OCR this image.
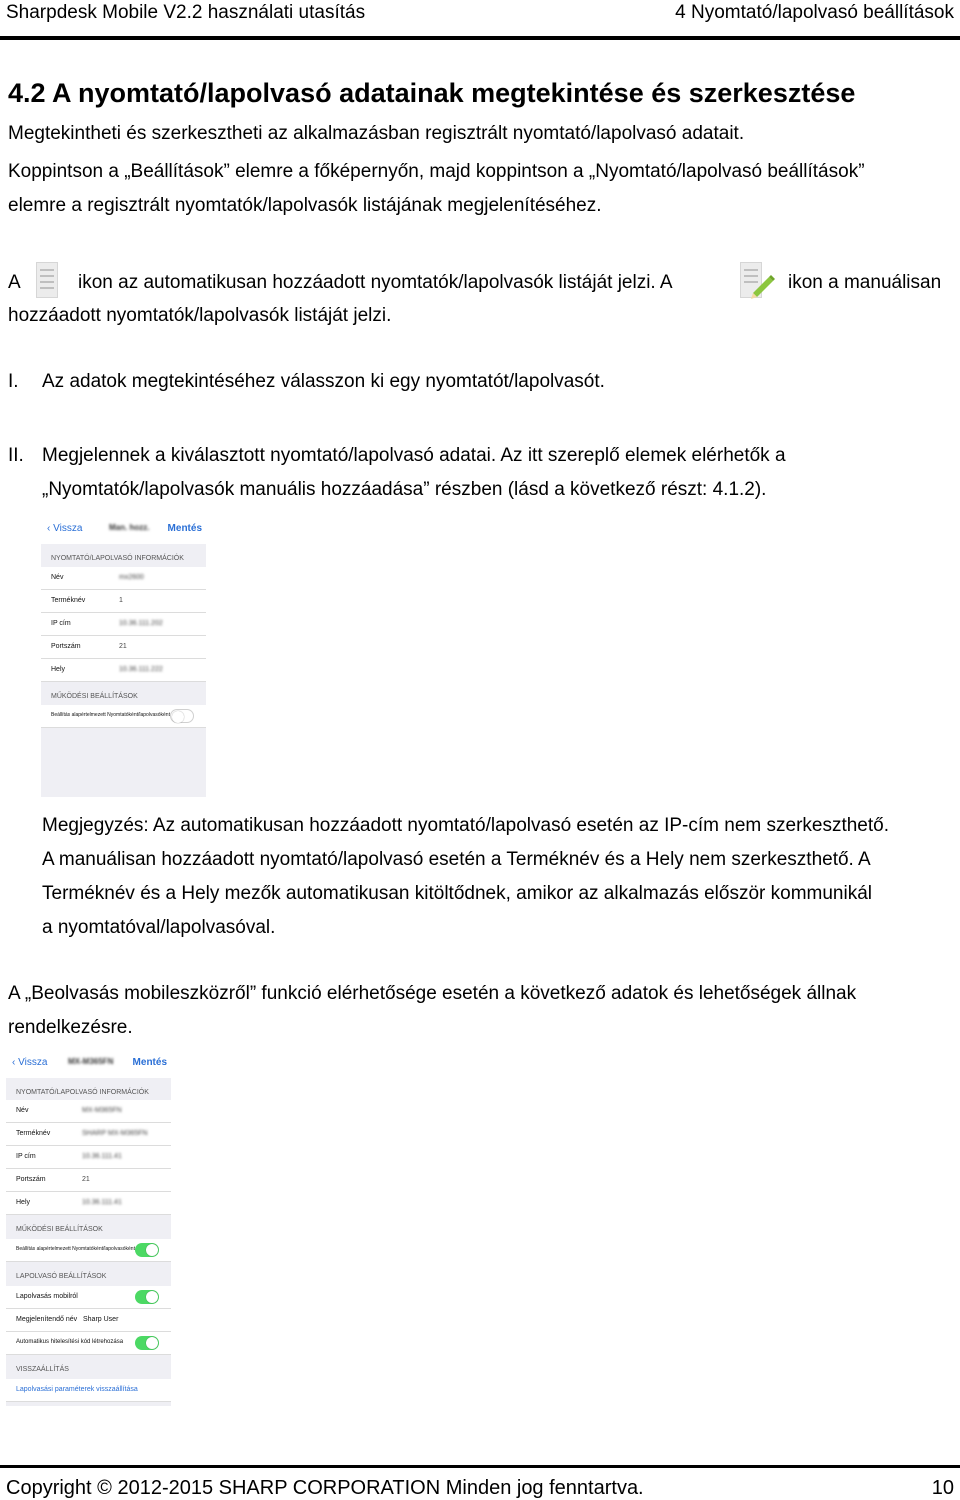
Sharpdesk Mobile V2.2 használati utasítás	4 Nyomtató/lapolvasó beállítások
4.2 A nyomtató/lapolvasó adatainak megtekintése és szerkesztése
Megtekintheti és szerkesztheti az alkalmazásban regisztrált nyomtató/lapolvasó adatait.
Koppintson a „Beállítások” elemre a főképernyőn, majd koppintson a „Nyomtató/lapolvasó beállítások”
elemre a regisztrált nyomtatók/lapolvasók listájának megjelenítéséhez.
A	ikon az automatikusan hozzáadott nyomtatók/lapolvasók listáját jelzi. A	ikon a manuálisan
hozzáadott nyomtatók/lapolvasók listáját jelzi.
I. Az adatok megtekintéséhez válasszon ki egy nyomtatót/lapolvasót.
II. Megjelennek a kiválasztott nyomtató/lapolvasó adatai. Az itt szereplő elemek elérhetők a
„Nyomtatók/lapolvasók manuális hozzáadása” részben (lásd a következő részt: 4.1.2).
‹ Vissza	Man. hozz. Mentés
NYOMTATÓ/LAPOLVASÓ INFORMÁCIÓK
Név	mx2600
Terméknév	1
IP cím	10.36.111.202
Portszám	21
Hely	10.36.111.222
MŰKÖDÉSI BEÁLLÍTÁSOK
Beállítás alapértelmezett Nyomtatóként/lapolvasóként
Megjegyzés: Az automatikusan hozzáadott nyomtató/lapolvasó esetén az IP-cím nem szerkeszthető.
A manuálisan hozzáadott nyomtató/lapolvasó esetén a Terméknév és a Hely nem szerkeszthető. A
Terméknév és a Hely mezők automatikusan kitöltődnek, amikor az alkalmazás először kommunikál
a nyomtatóval/lapolvasóval.
A „Beolvasás mobileszközről” funkció elérhetősége esetén a következő adatok és lehetőségek állnak
rendelkezésre.
‹ Vissza	MX-M365FN Mentés
NYOMTATÓ/LAPOLVASÓ INFORMÁCIÓK
Név	MX-M365FN
Terméknév	SHARP MX-M365FN
IP cím	10.36.111.41
Portszám	21
Hely	10.36.111.41
MŰKÖDÉSI BEÁLLÍTÁSOK
Beállítás alapértelmezett Nyomtatóként/lapolvasóként
LAPOLVASÓ BEÁLLÍTÁSOK
Lapolvasás mobilról
Megjelenítendő név Sharp User
Automatikus hitelesítési kód létrehozása
VISSZAÁLLÍTÁS
Lapolvasási paraméterek visszaállítása
Copyright © 2012-2015 SHARP CORPORATION Minden jog fenntartva.	10
